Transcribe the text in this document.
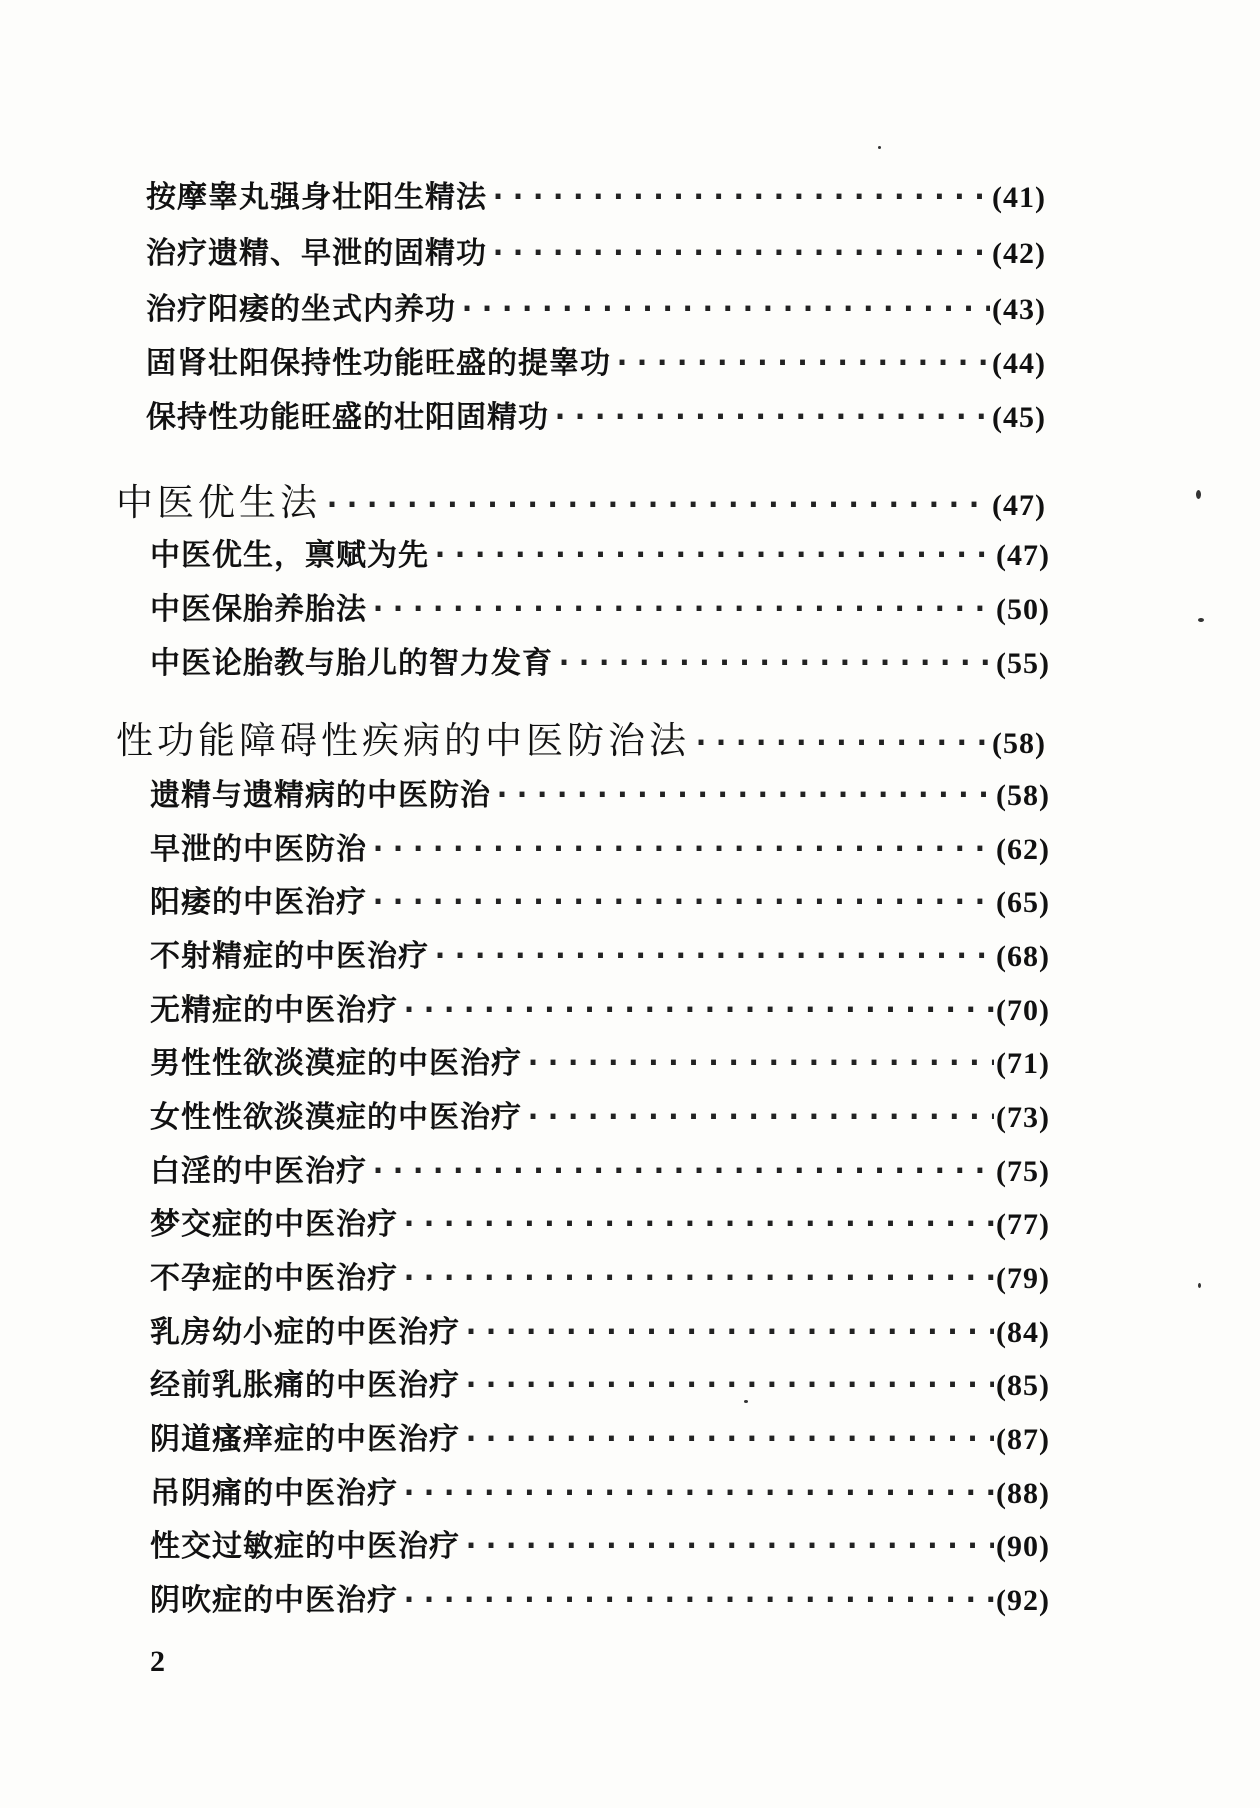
按摩睾丸强身壮阳生精法 ·····	(41)
治疗遗精、早泄的固精功 ·····	(42)
治疗阳痿的坐式内养功 ·····	(43)
固肾壮阳保持性功能旺盛的提睾功 ·····	(44)
保持性功能旺盛的壮阳固精功 ·····	(45)
中医优生法 ·····	(47)
中医优生，禀赋为先 ·····	(47)
中医保胎养胎法 ·····	(50)
中医论胎教与胎儿的智力发育 ·····	(55)
性功能障碍性疾病的中医防治法 ·····	(58)
遗精与遗精病的中医防治 ·····	(58)
早泄的中医防治 ·····	(62)
阳痿的中医治疗 ·····	(65)
不射精症的中医治疗 ·····	(68)
无精症的中医治疗 ·····	(70)
男性性欲淡漠症的中医治疗 ·····	(71)
女性性欲淡漠症的中医治疗 ·····	(73)
白淫的中医治疗 ·····	(75)
梦交症的中医治疗 ·····	(77)
不孕症的中医治疗 ·····	(79)
乳房幼小症的中医治疗 ·····	(84)
经前乳胀痛的中医治疗 ·····	(85)
阴道瘙痒症的中医治疗 ·····	(87)
吊阴痛的中医治疗 ·····	(88)
性交过敏症的中医治疗 ·····	(90)
阴吹症的中医治疗 ·····	(92)
2
